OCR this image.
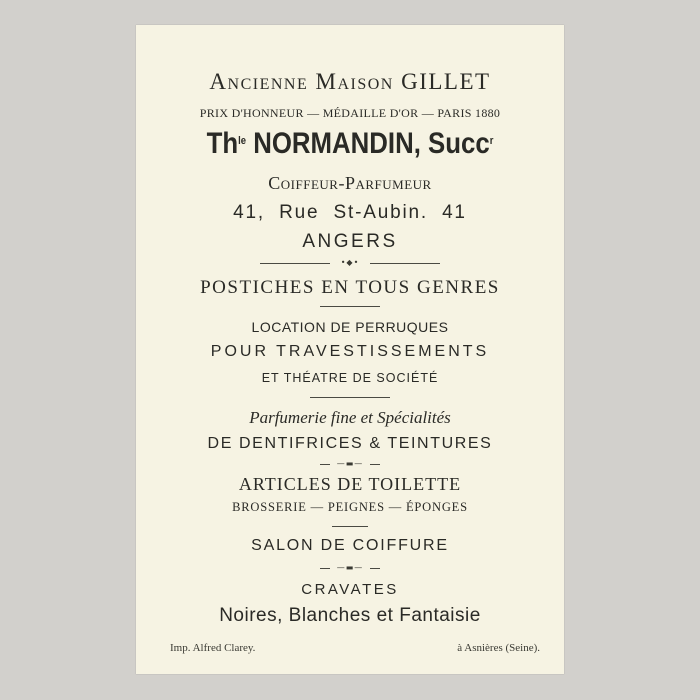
Ancienne Maison GILLET
PRIX D'HONNEUR — MÉDAILLE D'OR — PARIS 1880
$Th^{le}$ NORMANDIN, Succ$^r$
Coiffeur-Parfumeur
41,  Rue  St-Aubin.  41
ANGERS
•◆•
POSTICHES EN TOUS GENRES
LOCATION DE PERRUQUES
POUR TRAVESTISSEMENTS
ET THÉATRE DE SOCIÉTÉ
Parfumerie fine et Spécialités
DE DENTIFRICES & TEINTURES
—▬—
ARTICLES DE TOILETTE
BROSSERIE — PEIGNES — ÉPONGES
SALON DE COIFFURE
—▬—
CRAVATES
Noires, Blanches et Fantaisie
Imp. Alfred Clarey.	à Asnières (Seine).
